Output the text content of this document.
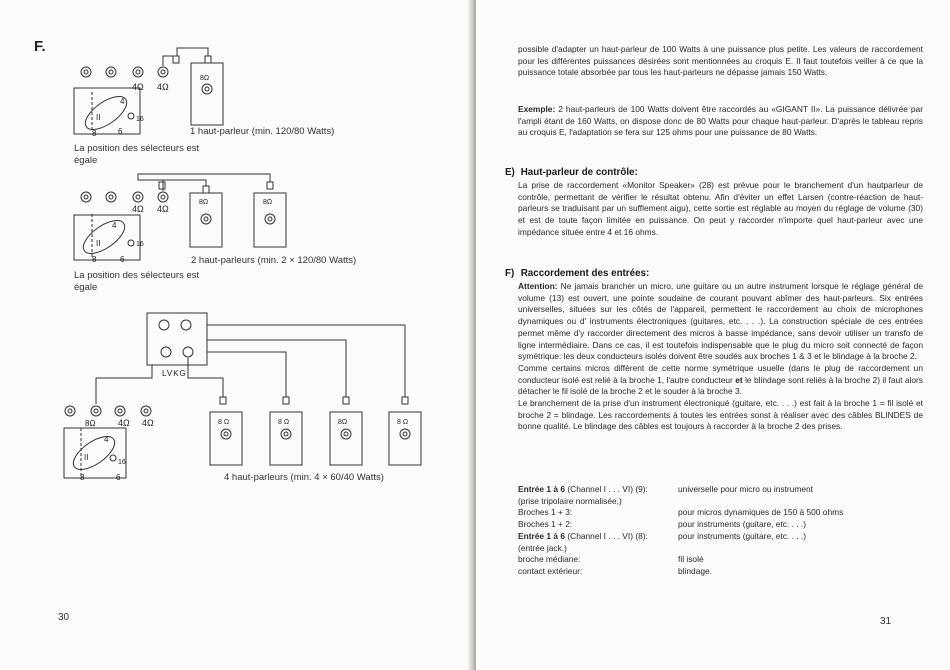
F.
4Ω 4Ω
8Ω
4
II	16
8	6
4Ω 4Ω
8Ω	8Ω
4
II	16
8	6
LVKG
4Ω 4Ω
8Ω	8 Ω	8 Ω	8Ω	8 Ω
4
II
16
8	6
1 haut-parleur (min. 120/80 Watts)
La position des sélecteurs est égale
2 haut-parleurs (min. 2 × 120/80 Watts)
La position des sélecteurs est égale
4 haut-parleurs (min. 4 × 60/40 Watts)
30

possible d'adapter un haut-parleur de 100 Watts à une puissance plus petite. Les valeurs de raccordement pour les différentes puissances désirées sont mentionnées au croquis E. Il faut toutefois veiller à ce que la puissance totale absorbée par tous les haut-parleurs ne dépasse jamais 150 Watts.

Exemple: 2 haut-parleurs de 100 Watts doivent être raccordés au «GIGANT II». La puissance délivrée par l'ampli étant de 160 Watts, on dispose donc de 80 Watts pour chaque haut-parleur. D'après le tableau repris au croquis E, l'adaptation se fera sur 125 ohms pour une puissance de 80 Watts.

E) Haut-parleur de contrôle:

La prise de raccordement «Monitor Speaker» (28) est prévue pour le branchement d'un hautparleur de contrôle, permettant de vérifier le résultat obtenu. Afin d'éviter un effet Larsen (contre-réaction de haut-parleurs se traduisant par un sufflement aigu), cette sortie est réglable au moyen du réglage de volume (30) et est de toute façon limitée en puissance. On peut y raccorder n'importe quel haut-parleur avec une impédance située entre 4 et 16 ohms.

F) Raccordement des entrées:

Attention: Ne jamais brancher un micro, une guitare ou un autre instrument lorsque le réglage général de volume (13) est ouvert, une pointe soudaine de courant pouvant abîmer des haut-parleurs. Six entrées universelles, situées sur les côtés de l'appareil, permettent le raccordement au choix de microphones dynamiques ou d' instruments électroniques (guitares, etc. . . .). La construction spéciale de ces entrées permet même d'y raccorder directement des micros à basse impédance, sans devoir utiliser un transfo de ligne intermédiaire. Dans ce cas, il est toutefois indispensable que le plug du micro soit connecté de façon symétrique: les deux conducteurs isolés doivent être soudés aux broches 1 & 3 et le blindage à la broche 2.

Comme certains micros diffèrent de cette norme symétrique usuelle (dans le plug de raccordement un conducteur isolé est relié à la broche 1, l'autre conducteur et le blindage sont reliés à la broche 2) il faut alors détacher le fil isolé de la broche 2 et le souder à la broche 3.

Le branchement de la prise d'un instrument électroniqué (guitare, etc. . . .) est fait à la broche 1 = fil isolé et broche 2 = blindage. Les raccordements à toutes les entrées sonst à réaliser avec des câbles BLINDES de bonne qualité. Le blindage des câbles est toujours à raccorder à la broche 2 des prises.

Entrée 1 à 6 (Channel I . . . VI) (9):	universelle pour micro ou instrument
(prise tripolaire normalisée,)
Broches 1 + 3:	pour micros dynamiques de 150 à 500 ohms
Broches 1 + 2:	pour instruments (guitare, etc. . . .)
Entrée 1 à 6 (Channel I . . . VI) (8):	pour instruments (guitare, etc. . . .)
(entrée jack.)
broche médiane:	fil isolé
contact extérieur:	blindage.
31
